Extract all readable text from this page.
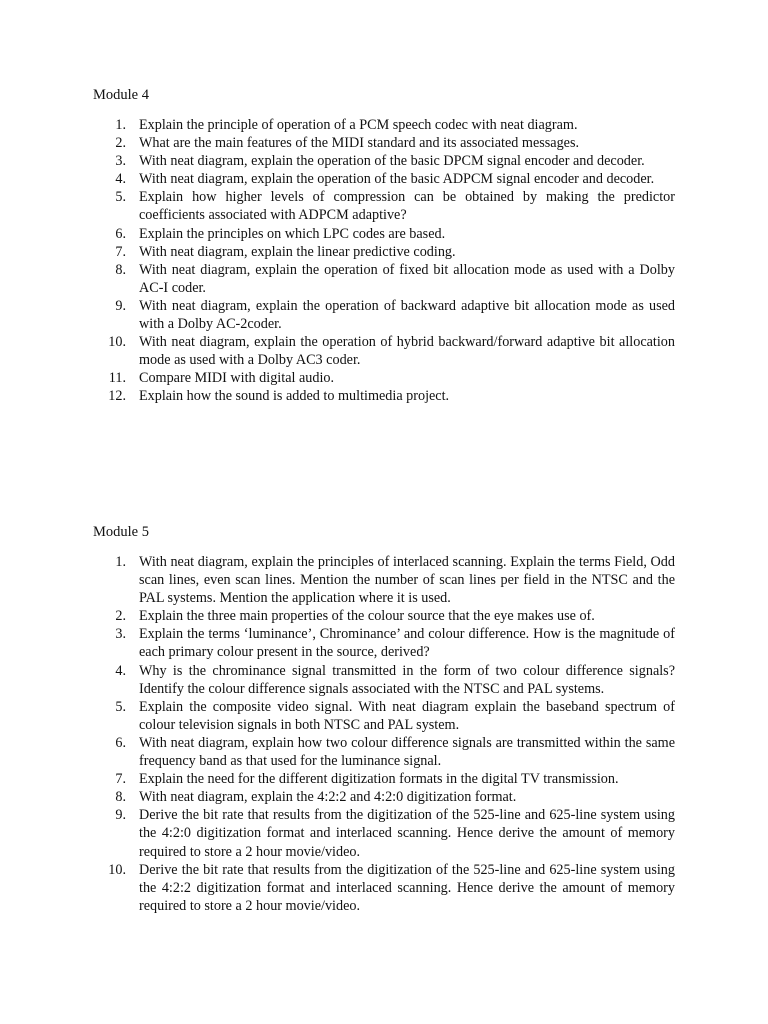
Module 4
1. Explain the principle of operation of a PCM speech codec with neat diagram.
2. What are the main features of the MIDI standard and its associated messages.
3. With neat diagram, explain the operation of the basic DPCM signal encoder and decoder.
4. With neat diagram, explain the operation of the basic ADPCM signal encoder and decoder.
5. Explain how higher levels of compression can be obtained by making the predictor coefficients associated with ADPCM adaptive?
6. Explain the principles on which LPC codes are based.
7. With neat diagram, explain the linear predictive coding.
8. With neat diagram, explain the operation of fixed bit allocation mode as used with a Dolby AC-I coder.
9. With neat diagram, explain the operation of backward adaptive bit allocation mode as used with a Dolby AC-2coder.
10. With neat diagram, explain the operation of hybrid backward/forward adaptive bit allocation mode as used with a Dolby AC3 coder.
11. Compare MIDI with digital audio.
12. Explain how the sound is added to multimedia project.
Module 5
1. With neat diagram, explain the principles of interlaced scanning. Explain the terms Field, Odd scan lines, even scan lines. Mention the number of scan lines per field in the NTSC and the PAL systems. Mention the application where it is used.
2. Explain the three main properties of the colour source that the eye makes use of.
3. Explain the terms ‘luminance’, Chrominance’ and colour difference. How is the magnitude of each primary colour present in the source, derived?
4. Why is the chrominance signal transmitted in the form of two colour difference signals? Identify the colour difference signals associated with the NTSC and PAL systems.
5. Explain the composite video signal. With neat diagram explain the baseband spectrum of colour television signals in both NTSC and PAL system.
6. With neat diagram, explain how two colour difference signals are transmitted within the same frequency band as that used for the luminance signal.
7. Explain the need for the different digitization formats in the digital TV transmission.
8. With neat diagram, explain the 4:2:2 and 4:2:0 digitization format.
9. Derive the bit rate that results from the digitization of the 525-line and 625-line system using the 4:2:0 digitization format and interlaced scanning. Hence derive the amount of memory required to store a 2 hour movie/video.
10. Derive the bit rate that results from the digitization of the 525-line and 625-line system using the 4:2:2 digitization format and interlaced scanning. Hence derive the amount of memory required to store a 2 hour movie/video.
